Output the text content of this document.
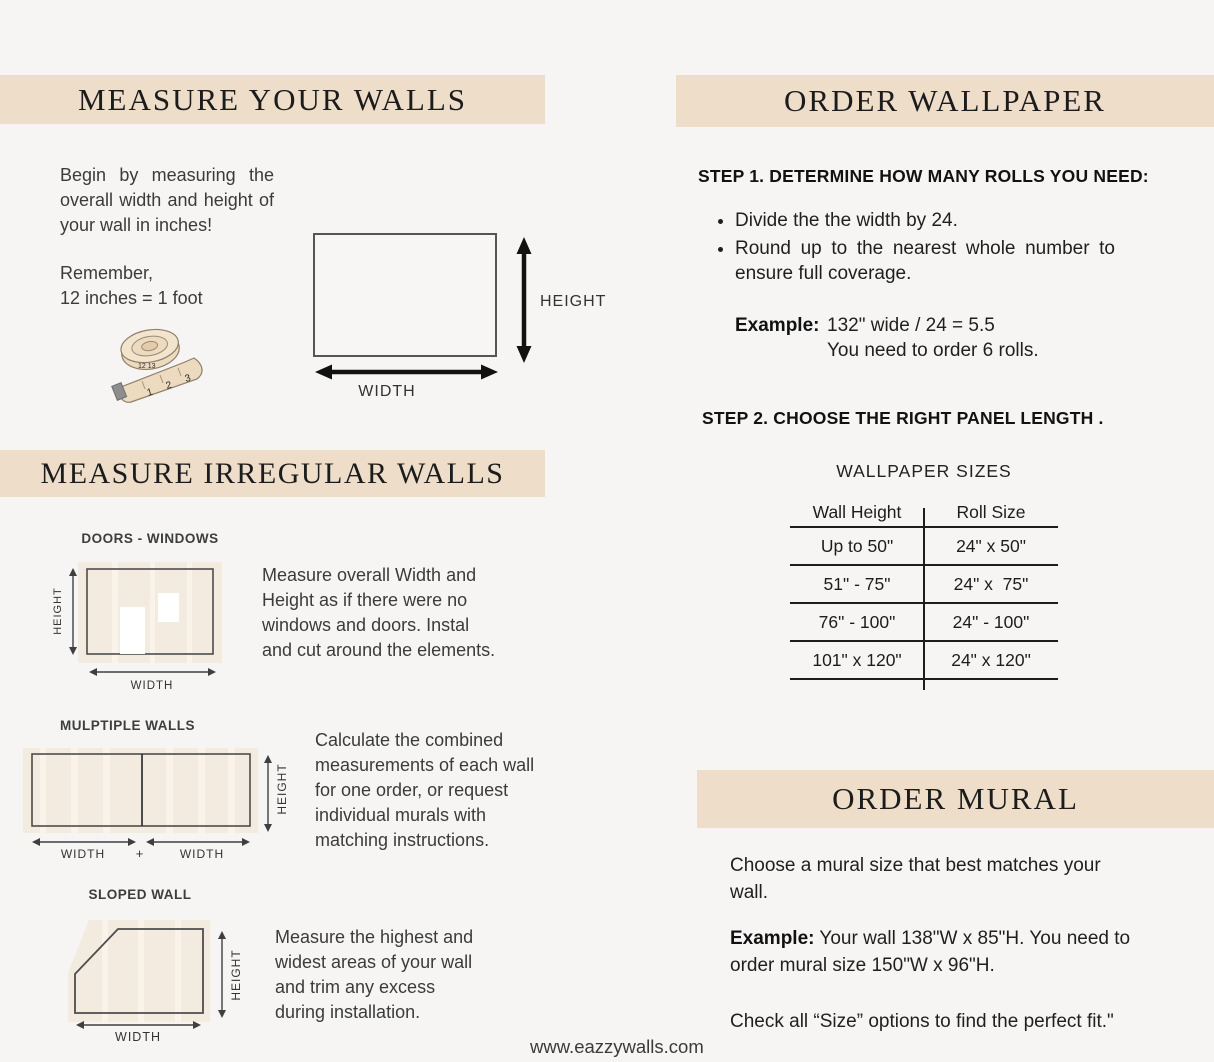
MEASURE YOUR WALLS

Begin by measuring the overall width and height of your wall in inches!

Remember,
12 inches = 1 foot
1
2
3
12 13
HEIGHT
WIDTH
MEASURE IRREGULAR WALLS
DOORS - WINDOWS
HEIGHT
WIDTH

Measure overall Width and Height as if there were no windows and doors. Instal and cut around the elements.

MULPTIPLE WALLS
HEIGHT
WIDTH +	WIDTH

Calculate the combined measurements of each wall for one order, or request individual murals with matching instructions.

SLOPED WALL
HEIGHT
WIDTH

Measure the highest and widest areas of your wall and trim any excess during installation.

ORDER WALLPAPER
STEP 1. DETERMINE HOW MANY ROLLS YOU NEED:
• Divide the the width by 24.
• Round up to the nearest whole number to ensure full coverage.
Example: 132" wide / 24 = 5.5
You need to order 6 rolls.
STEP 2. CHOOSE THE RIGHT PANEL LENGTH .
WALLPAPER SIZES
Wall Height	Roll Size
Up to 50"	24" x 50"
51" - 75"	24" x  75"
76" - 100"	24" - 100"
101" x 120"	24" x 120"
ORDER MURAL

Choose a mural size that best matches your wall.

Example: Your wall 138"W x 85"H. You need to order mural size 150"W x 96"H.

Check all “Size” options to find the perfect fit."

www.eazzywalls.com
